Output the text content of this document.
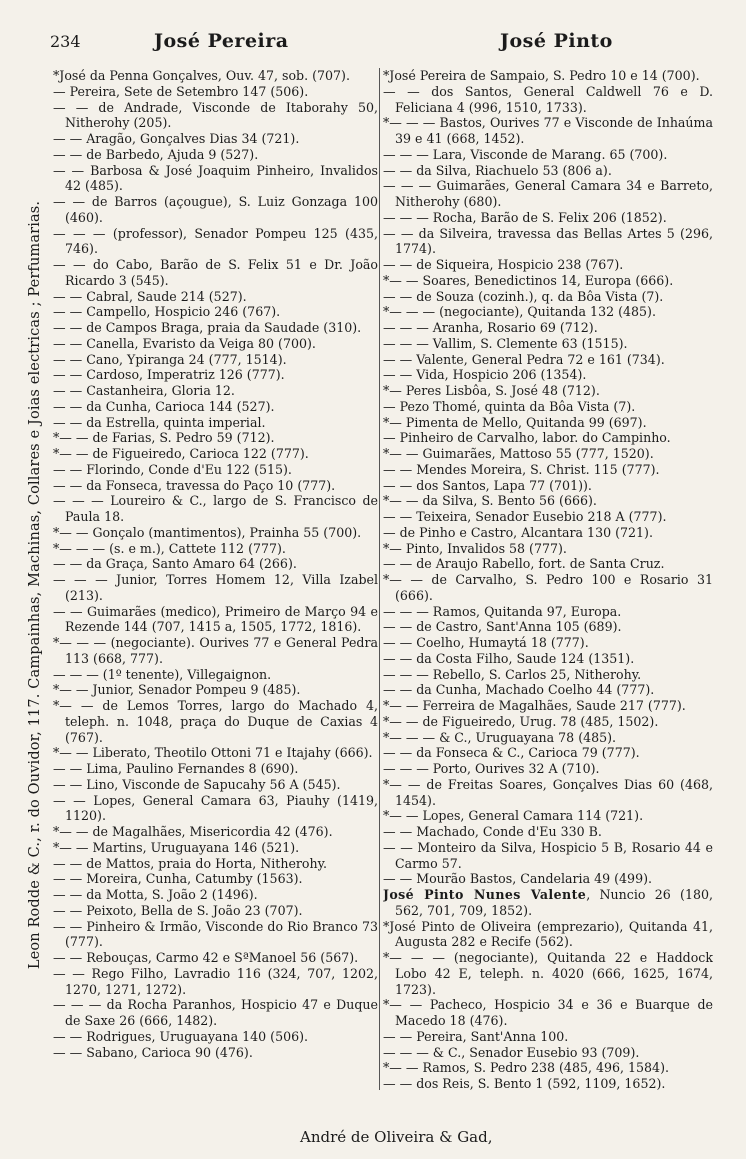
234	José Pereira	José Pinto
Leon Rodde & C., r. do Ouvidor, 117. Campainhas, Machinas, Collares e Joias electricas ; Perfumarias.
*José da Penna Gonçalves, Ouv. 47, sob. (707).
— Pereira, Sete de Setembro 147 (506).
— — de Andrade, Visconde de Itaborahy 50, Nitherohy (205).
— — Aragão, Gonçalves Dias 34 (721).
— — de Barbedo, Ajuda 9 (527).
— — Barbosa & José Joaquim Pinheiro, Invalidos 42 (485).
— — de Barros (açougue), S. Luiz Gonzaga 100 (460).
— — — (professor), Senador Pompeu 125 (435, 746).
— — do Cabo, Barão de S. Felix 51 e Dr. João Ricardo 3 (545).
— — Cabral, Saude 214 (527).
— — Campello, Hospicio 246 (767).
— — de Campos Braga, praia da Saudade (310).
— — Canella, Evaristo da Veiga 80 (700).
— — Cano, Ypiranga 24 (777, 1514).
— — Cardoso, Imperatriz 126 (777).
— — Castanheira, Gloria 12.
— — da Cunha, Carioca 144 (527).
— — da Estrella, quinta imperial.
*— — de Farias, S. Pedro 59 (712).
*— — de Figueiredo, Carioca 122 (777).
— — Florindo, Conde d'Eu 122 (515).
— — da Fonseca, travessa do Paço 10 (777).
— — — Loureiro & C., largo de S. Francisco de Paula 18.
*— — Gonçalo (mantimentos), Prainha 55 (700).
*— — — (s. e m.), Cattete 112 (777).
— — da Graça, Santo Amaro 64 (266).
— — — Junior, Torres Homem 12, Villa Izabel (213).
— — Guimarães (medico), Primeiro de Março 94 e Rezende 144 (707, 1415 a, 1505, 1772, 1816).
*— — — (negociante). Ourives 77 e General Pedra 113 (668, 777).
— — — (1º tenente), Villegaignon.
*— — Junior, Senador Pompeu 9 (485).
*— — de Lemos Torres, largo do Machado 4, teleph. n. 1048, praça do Duque de Caxias 4 (767).
*— — Liberato, Theotilo Ottoni 71 e Itajahy (666).
— — Lima, Paulino Fernandes 8 (690).
— — Lino, Visconde de Sapucahy 56 A (545).
— — Lopes, General Camara 63, Piauhy (1419, 1120).
*— — de Magalhães, Misericordia 42 (476).
*— — Martins, Uruguayana 146 (521).
— — de Mattos, praia do Horta, Nitherohy.
— — Moreira, Cunha, Catumby (1563).
— — da Motta, S. João 2 (1496).
— — Peixoto, Bella de S. João 23 (707).
— — Pinheiro & Irmão, Visconde do Rio Branco 73 (777).
— — Rebouças, Carmo 42 e SªManoel 56 (567).
— — Rego Filho, Lavradio 116 (324, 707, 1202, 1270, 1271, 1272).
— — — da Rocha Paranhos, Hospicio 47 e Duque de Saxe 26 (666, 1482).
— — Rodrigues, Uruguayana 140 (506).
— — Sabano, Carioca 90 (476).
*José Pereira de Sampaio, S. Pedro 10 e 14 (700).
— — dos Santos, General Caldwell 76 e D. Feliciana 4 (996, 1510, 1733).
*— — — Bastos, Ourives 77 e Visconde de Inhaúma 39 e 41 (668, 1452).
— — — Lara, Visconde de Marang. 65 (700).
— — da Silva, Riachuelo 53 (806 a).
— — — Guimarães, General Camara 34 e Barreto, Nitherohy (680).
— — — Rocha, Barão de S. Felix 206 (1852).
— — da Silveira, travessa das Bellas Artes 5 (296, 1774).
— — de Siqueira, Hospicio 238 (767).
*— — Soares, Benedictinos 14, Europa (666).
— — de Souza (cozinh.), q. da Bôa Vista (7).
*— — — (negociante), Quitanda 132 (485).
— — — Aranha, Rosario 69 (712).
— — — Vallim, S. Clemente 63 (1515).
— — Valente, General Pedra 72 e 161 (734).
— — Vida, Hospicio 206 (1354).
*— Peres Lisbôa, S. José 48 (712).
— Pezo Thomé, quinta da Bôa Vista (7).
*— Pimenta de Mello, Quitanda 99 (697).
— Pinheiro de Carvalho, labor. do Campinho.
*— — Guimarães, Mattoso 55 (777, 1520).
— — Mendes Moreira, S. Christ. 115 (777).
— — dos Santos, Lapa 77 (701)).
*— — da Silva, S. Bento 56 (666).
— — Teixeira, Senador Eusebio 218 A (777).
— de Pinho e Castro, Alcantara 130 (721).
*— Pinto, Invalidos 58 (777).
— — de Araujo Rabello, fort. de Santa Cruz.
*— — de Carvalho, S. Pedro 100 e Rosario 31 (666).
— — — Ramos, Quitanda 97, Europa.
— — de Castro, Sant'Anna 105 (689).
— — Coelho, Humaytá 18 (777).
— — da Costa Filho, Saude 124 (1351).
— — — Rebello, S. Carlos 25, Nitherohy.
— — da Cunha, Machado Coelho 44 (777).
*— — Ferreira de Magalhães, Saude 217 (777).
*— — de Figueiredo, Urug. 78 (485, 1502).
*— — — & C., Uruguayana 78 (485).
— — da Fonseca & C., Carioca 79 (777).
— — — Porto, Ourives 32 A (710).
*— — de Freitas Soares, Gonçalves Dias 60 (468, 1454).
*— — Lopes, General Camara 114 (721).
— — Machado, Conde d'Eu 330 B.
— — Monteiro da Silva, Hospicio 5 B, Rosario 44 e Carmo 57.
— — Mourão Bastos, Candelaria 49 (499).
José Pinto Nunes Valente, Nuncio 26 (180, 562, 701, 709, 1852).
*José Pinto de Oliveira (emprezario), Quitanda 41, Augusta 282 e Recife (562).
*— — — (negociante), Quitanda 22 e Haddock Lobo 42 E, teleph. n. 4020 (666, 1625, 1674, 1723).
*— — Pacheco, Hospicio 34 e 36 e Buarque de Macedo 18 (476).
— — Pereira, Sant'Anna 100.
— — — & C., Senador Eusebio 93 (709).
*— — Ramos, S. Pedro 238 (485, 496, 1584).
— — dos Reis, S. Bento 1 (592, 1109, 1652).
André de Oliveira & Gad,
